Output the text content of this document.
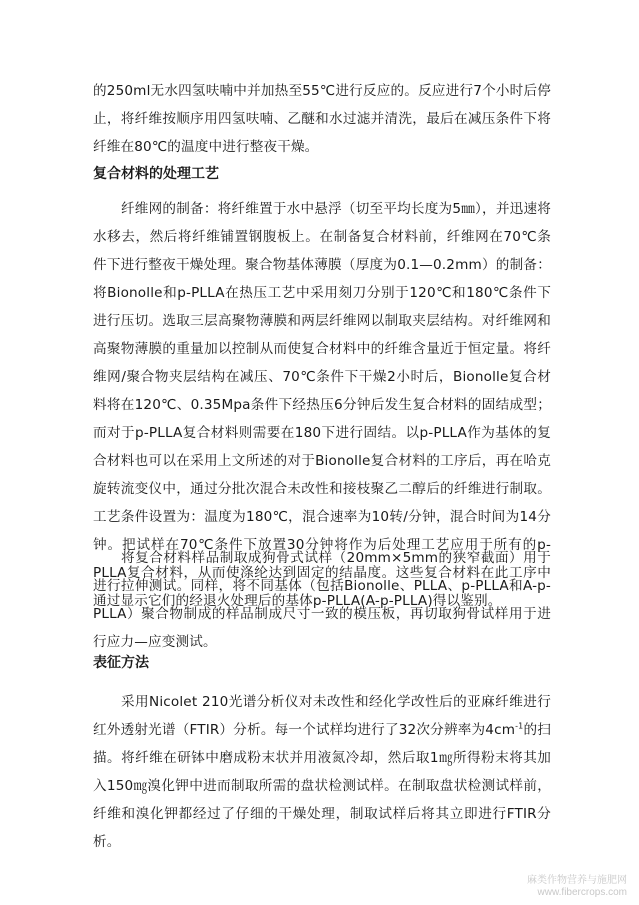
的250ml无水四氢呋喃中并加热至55℃进行反应的。反应进行7个小时后停止，将纤维按顺序用四氢呋喃、乙醚和水过滤并清洗，最后在减压条件下将纤维在80℃的温度中进行整夜干燥。

复合材料的处理工艺

纤维网的制备：将纤维置于水中悬浮（切至平均长度为5㎜），并迅速将水移去，然后将纤维铺置钢腹板上。在制备复合材料前，纤维网在70℃条件下进行整夜干燥处理。聚合物基体薄膜（厚度为0.1—0.2mm）的制备：将Bionolle和p-PLLA在热压工艺中采用刻刀分别于120℃和180℃条件下进行压切。选取三层高聚物薄膜和两层纤维网以制取夹层结构。对纤维网和高聚物薄膜的重量加以控制从而使复合材料中的纤维含量近于恒定量。将纤维网/聚合物夹层结构在减压、70℃条件下干燥2小时后，Bionolle复合材料将在120℃、0.35Mpa条件下经热压6分钟后发生复合材料的固结成型；而对于p-PLLA复合材料则需要在180下进行固结。以p-PLLA作为基体的复合材料也可以在采用上文所述的对于Bionolle复合材料的工序后，再在哈克旋转流变仪中，通过分批次混合未改性和接枝聚乙二醇后的纤维进行制取。工艺条件设置为：温度为180℃，混合速率为10转/分钟，混合时间为14分钟。把试样在70℃条件下放置30分钟将作为后处理工艺应用于所有的p-PLLA复合材料，从而使涤纶达到固定的结晶度。这些复合材料在此工序中通过显示它们的经退火处理后的基体p-PLLA(A-p-PLLA)得以鉴别。

将复合材料样品制取成狗骨式试样（20mm×5mm的狭窄截面）用于进行拉伸测试。同样，将不同基体（包括Bionolle、PLLA、p-PLLA和A-p-PLLA）聚合物制成的样品制成尺寸一致的模压板，再切取狗骨试样用于进行应力—应变测试。

表征方法

采用Nicolet 210光谱分析仪对未改性和经化学改性后的亚麻纤维进行红外透射光谱（FTIR）分析。每一个试样均进行了32次分辨率为$4cm^{-1}$的扫描。将纤维在研钵中磨成粉末状并用液氮冷却，然后取1㎎所得粉末将其加入150㎎溴化钾中进而制取所需的盘状检测试样。在制取盘状检测试样前，纤维和溴化钾都经过了仔细的干燥处理，制取试样后将其立即进行FTIR分析。

麻类作物营养与施肥网
www.fibercrops.com
